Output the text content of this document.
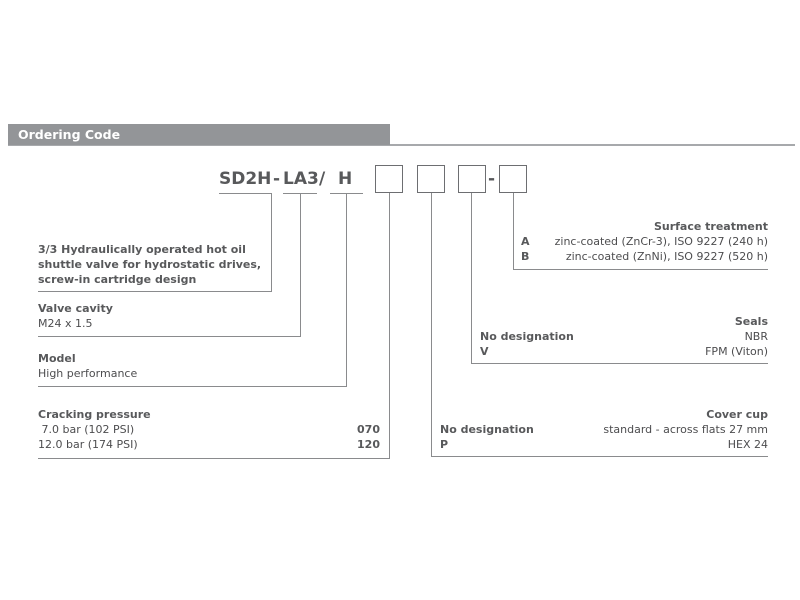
Ordering Code
SD2H - LA3 / H	-
3/3 Hydraulically operated hot oil
shuttle valve for hydrostatic drives,
screw-in cartridge design
Valve cavity
M24 x 1.5
Model
High performance
Cracking pressure
7.0 bar (102 PSI)	070
12.0 bar (174 PSI)	120
Surface treatment
A	zinc-coated (ZnCr-3), ISO 9227 (240 h)
B	zinc-coated (ZnNi), ISO 9227 (520 h)
Seals
No designation	NBR
V	FPM (Viton)
Cover cup
No designation	standard - across flats 27 mm
P	HEX 24
